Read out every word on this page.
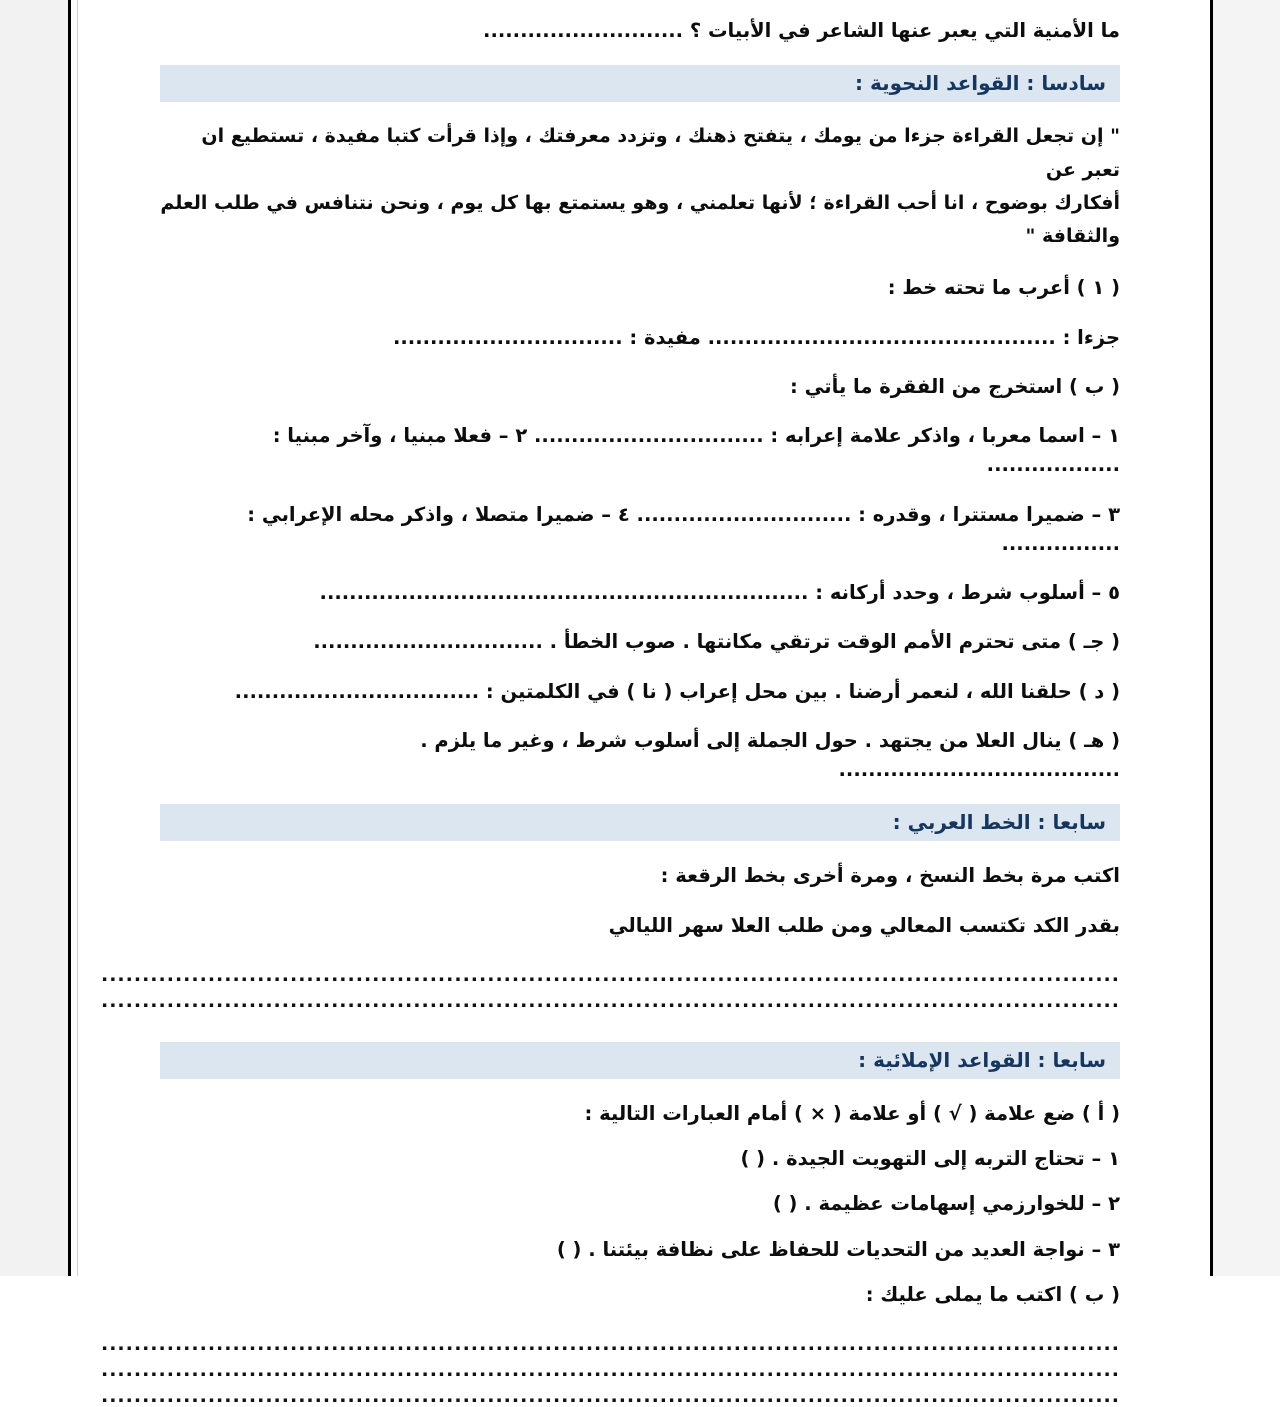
ما الأمنية التي يعبر عنها الشاعر في الأبيات ؟ ...........................
سادسا : القواعد النحوية :
" إن تجعل القراءة جزءا من يومك ، يتفتح ذهنك ، وتزدد معرفتك ، وإذا قرأت كتبا مفيدة ، تستطيع ان تعبر عن
أفكارك بوضوح ، انا أحب القراءة ؛ لأنها تعلمني ، وهو يستمتع بها كل يوم ، ونحن نتنافس في طلب العلم والثقافة "
( ١ ) أعرب ما تحته خط :
جزءا : ............................................... مفيدة : ...............................
( ب ) استخرج من الفقرة ما يأتي :
١ – اسما معربا ، واذكر علامة إعرابه : ............................... ٢ – فعلا مبنيا ، وآخر مبنيا : ..................
٣ – ضميرا مستترا ، وقدره : ............................. ٤ – ضميرا متصلا ، واذكر محله الإعرابي : ................
٥ – أسلوب شرط ، وحدد أركانه : ..................................................................
( جـ ) متى تحترم الأمم الوقت ترتقي مكانتها . صوب الخطأ . ...............................
( د ) حلقنا الله ، لنعمر أرضنا . بين محل إعراب ( نا ) في الكلمتين : .................................
( هـ ) ينال العلا من يجتهد . حول الجملة إلى أسلوب شرط ، وغير ما يلزم . ......................................
سابعا : الخط العربي :
اكتب مرة بخط النسخ ، ومرة أخرى بخط الرقعة :
بقدر الكد تكتسب المعالي ومن طلب العلا سهر الليالي
............................................................................................................................
............................................................................................................................
سابعا : القواعد الإملائية :
( أ ) ضع علامة ( √ ) أو علامة ( × ) أمام العبارات التالية :
١ – تحتاج التربه إلى التهويت الجيدة . ( )
٢ – للخوارزمي إسهامات عظيمة . ( )
٣ – نواجة العديد من التحديات للحفاظ على نظافة بيئتنا . ( )
( ب ) اكتب ما يملى عليك :
............................................................................................................................
............................................................................................................................
............................................................................................................................
